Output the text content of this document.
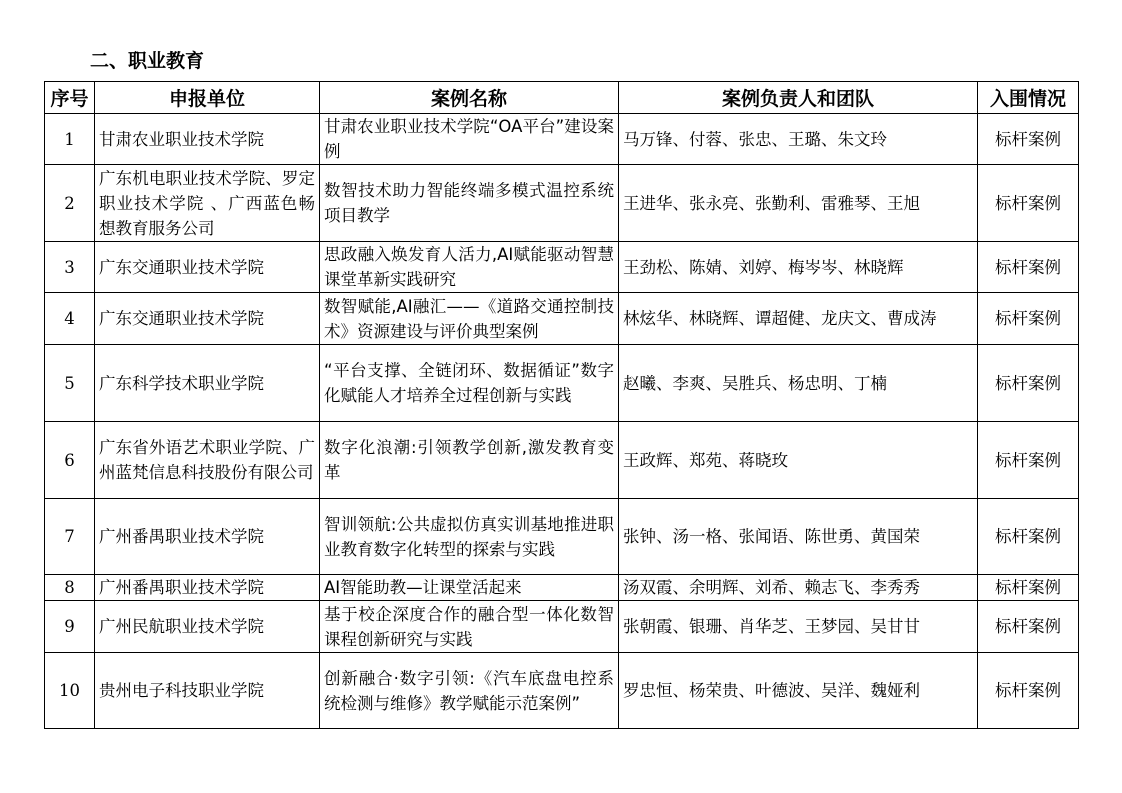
二、职业教育
序号	申报单位	案例名称	案例负责人和团队	入围情况
1	甘肃农业职业技术学院	甘肃农业职业技术学院“OA平台”建设案例	马万锋、付蓉、张忠、王璐、朱文玲	标杆案例
2	广东机电职业技术学院、罗定职业技术学院 、广西蓝色畅想教育服务公司	数智技术助力智能终端多模式温控系统项目教学	王进华、张永亮、张勤利、雷雅琴、王旭	标杆案例
3	广东交通职业技术学院	思政融入焕发育人活力,AI赋能驱动智慧课堂革新实践研究	王劲松、陈婧、刘婷、梅岑岑、林晓辉	标杆案例
4	广东交通职业技术学院	数智赋能,AI融汇——《道路交通控制技术》资源建设与评价典型案例	林炫华、林晓辉、谭超健、龙庆文、曹成涛	标杆案例
5	广东科学技术职业学院	“平台支撑、全链闭环、数据循证”数字化赋能人才培养全过程创新与实践	赵曦、李爽、吴胜兵、杨忠明、丁楠	标杆案例
6	广东省外语艺术职业学院、广州蓝梵信息科技股份有限公司	数字化浪潮:引领教学创新,激发教育变革	王政辉、郑苑、蒋晓玫	标杆案例
7	广州番禺职业技术学院	智训领航:公共虚拟仿真实训基地推进职业教育数字化转型的探索与实践	张钟、汤一格、张闻语、陈世勇、黄国荣	标杆案例
8	广州番禺职业技术学院	AI智能助教—让课堂活起来	汤双霞、余明辉、刘希、赖志飞、李秀秀	标杆案例
9	广州民航职业技术学院	基于校企深度合作的融合型一体化数智课程创新研究与实践	张朝霞、银珊、肖华芝、王梦园、吴甘甘	标杆案例
10	贵州电子科技职业学院	创新融合·数字引领:《汽车底盘电控系统检测与维修》教学赋能示范案例”	罗忠恒、杨荣贵、叶德波、吴洋、魏娅利	标杆案例
